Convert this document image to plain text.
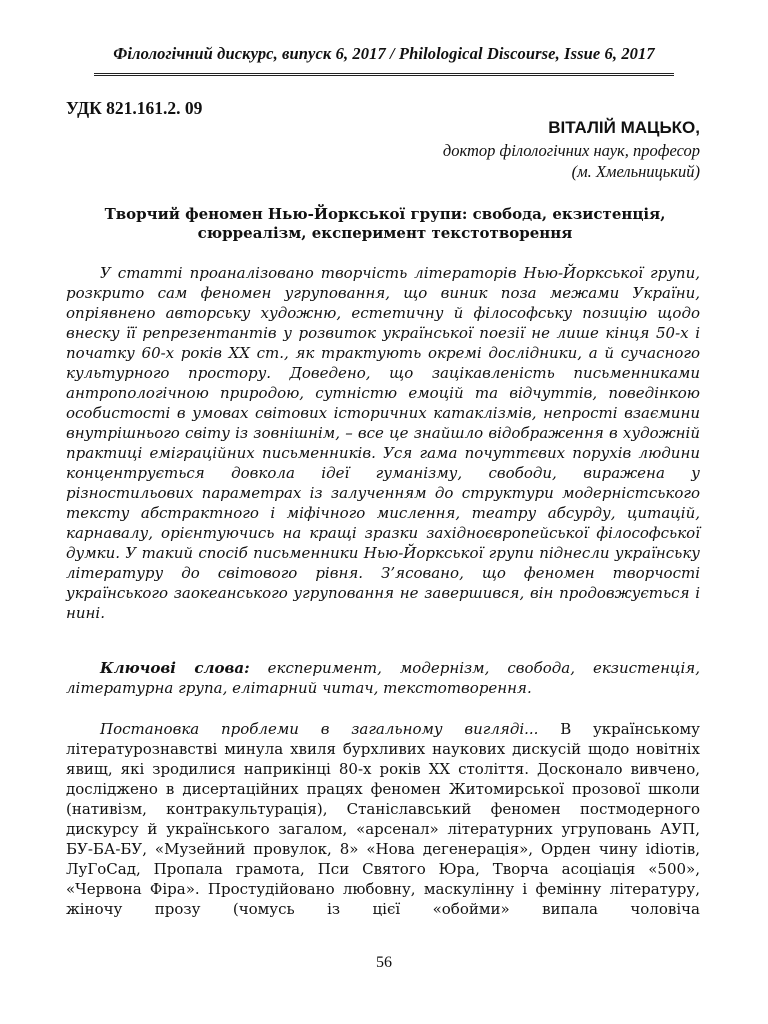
Філологічний дискурс, випуск 6, 2017 / Philological Discourse, Issue 6, 2017
УДК 821.161.2. 09
ВІТАЛІЙ МАЦЬКО,
доктор філологічних наук, професор
(м. Хмельницький)
Творчий феномен Нью-Йоркської групи: свобода, екзистенція,
сюрреалізм, експеримент текстотворення

У статті проаналізовано творчість літераторів Нью-Йоркської групи, розкрито сам феномен угруповання, що виник поза межами України, опріявнено авторську художню, естетичну й філософську позицію щодо внеску її репрезентантів у розвиток української поезії не лише кінця 50-х і початку 60-х років ХХ ст., як трактують окремі дослідники, а й сучасного культурного простору. Доведено, що зацікавленість письменниками антропологічною природою, сутністю емоцій та відчуттів, поведінкою особистості в умовах світових історичних катаклізмів, непрості взаємини внутрішнього світу із зовнішнім, – все це знайшло відображення в художній практиці еміграційних письменників. Уся гама почуттєвих поруxів людини концентрується довкола ідеї гуманізму, свободи, виражена у різностильових параметрах із залученням до структури модерністського тексту абстрактного і міфічного мислення, театру абсурду, цитацій, карнавалу, орієнтуючись на кращі зразки західноєвропейської філософської думки. У такий спосіб письменники Нью-Йоркської групи піднесли українську літературу до світового рівня. З’ясовано, що феномен творчості українського заокеанського угруповання не завершився, він продовжується і нині.

Ключові слова: експеримент, модернізм, свобода, екзистенція, літературна група, елітарний читач, текстотворення.

Постановка проблеми в загальному вигляді... В українському літературознавстві минула хвиля бурхливих наукових дискусій щодо новітніх явищ, які зродилися наприкінці 80-х років ХХ століття. Досконало вивчено, досліджено в дисертаційних працях феномен Житомирської прозової школи (нативізм, контракультурація), Станіславський феномен постмодерного дискурсу й українського загалом, «арсенал» літературних угруповань АУП, БУ-БА-БУ, «Музейний провулок, 8» «Нова дегенерація», Орден чину idiотів, ЛуГоСад, Пропала грамота, Пси Святого Юра, Творча асоціація «500», «Червона Фіра». Простудійовано любовну, маскулінну і фемінну літературу, жіночу прозу (чомусь із цієї «обойми» випала чоловіча

56
